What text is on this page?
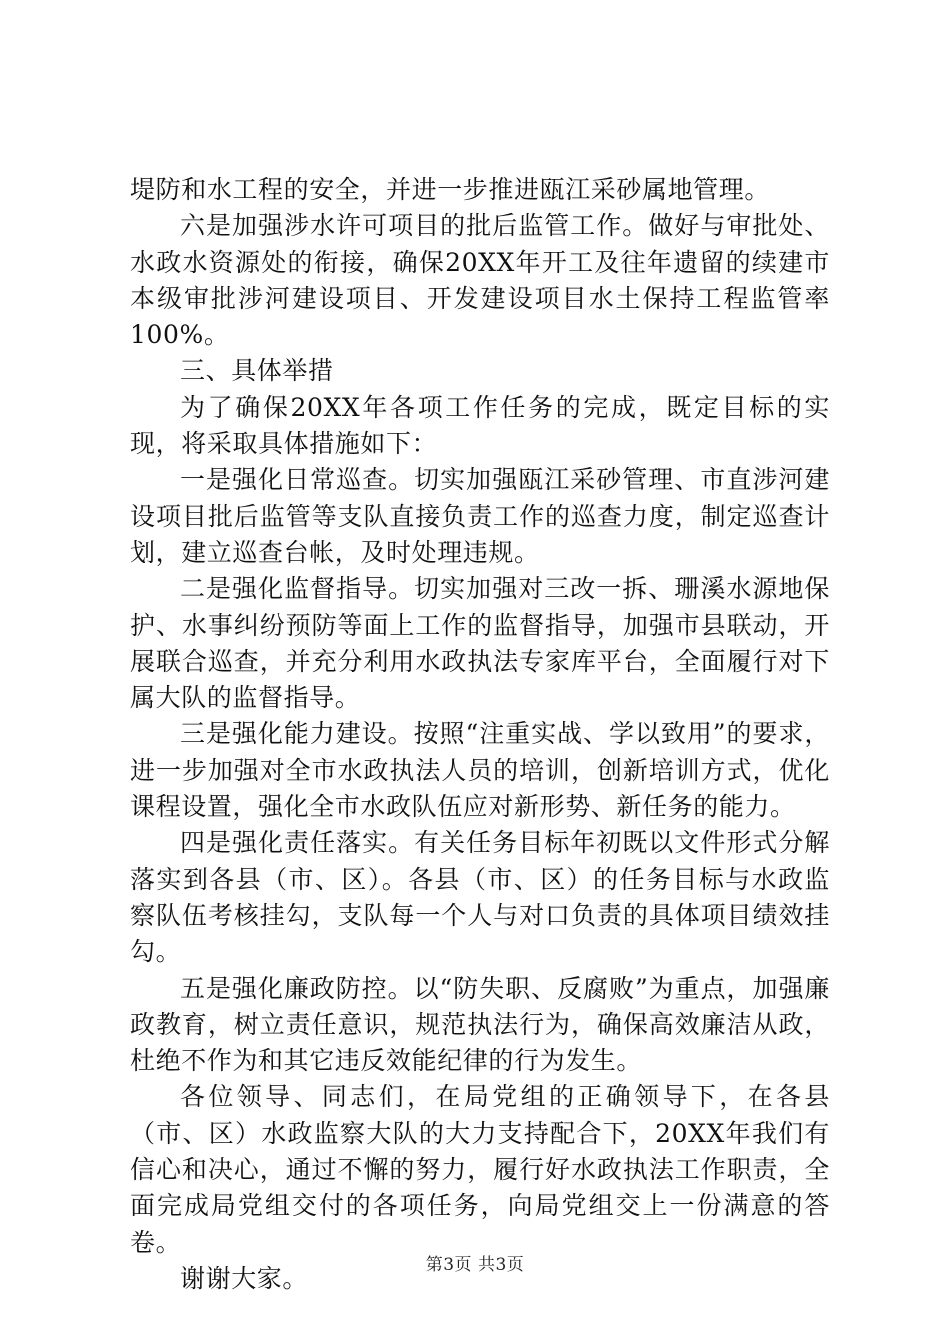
堤防和水工程的安全，并进一步推进瓯江采砂属地管理。

六是加强涉水许可项目的批后监管工作。做好与审批处、水政水资源处的衔接，确保20XX年开工及往年遗留的续建市本级审批涉河建设项目、开发建设项目水土保持工程监管率100%。

三、具体举措

为了确保20XX年各项工作任务的完成，既定目标的实现，将采取具体措施如下：

一是强化日常巡查。切实加强瓯江采砂管理、市直涉河建设项目批后监管等支队直接负责工作的巡查力度，制定巡查计划，建立巡查台帐，及时处理违规。

二是强化监督指导。切实加强对三改一拆、珊溪水源地保护、水事纠纷预防等面上工作的监督指导，加强市县联动，开展联合巡查，并充分利用水政执法专家库平台，全面履行对下属大队的监督指导。

三是强化能力建设。按照“注重实战、学以致用”的要求，进一步加强对全市水政执法人员的培训，创新培训方式，优化课程设置，强化全市水政队伍应对新形势、新任务的能力。

四是强化责任落实。有关任务目标年初既以文件形式分解落实到各县（市、区）。各县（市、区）的任务目标与水政监察队伍考核挂勾，支队每一个人与对口负责的具体项目绩效挂勾。

五是强化廉政防控。以“防失职、反腐败”为重点，加强廉政教育，树立责任意识，规范执法行为，确保高效廉洁从政，杜绝不作为和其它违反效能纪律的行为发生。

各位领导、同志们，在局党组的正确领导下，在各县（市、区）水政监察大队的大力支持配合下，20XX年我们有信心和决心，通过不懈的努力，履行好水政执法工作职责，全面完成局党组交付的各项任务，向局党组交上一份满意的答卷。

谢谢大家。	第3页 共3页
